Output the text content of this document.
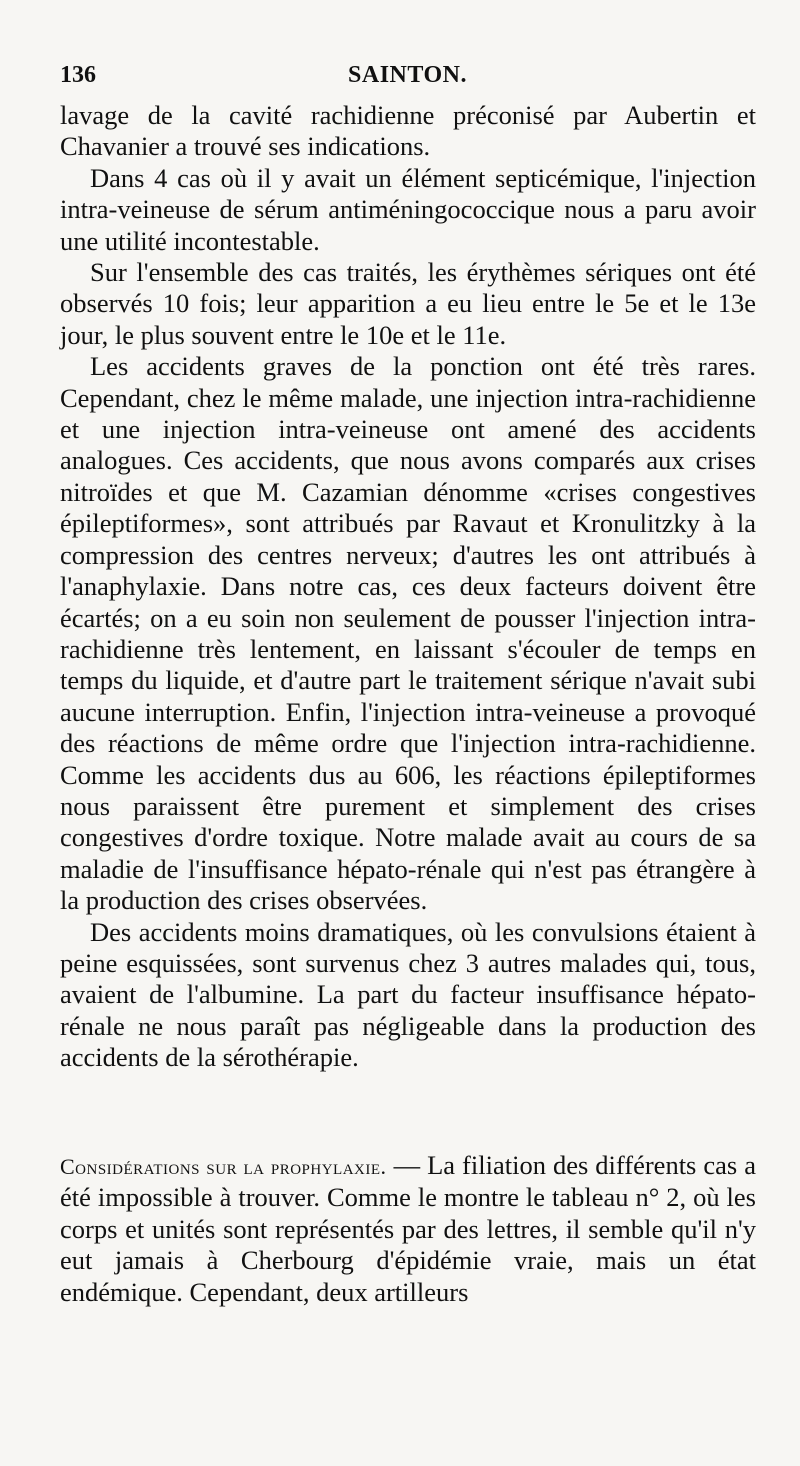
136	SAINTON.

lavage de la cavité rachidienne préconisé par Aubertin et Chavanier a trouvé ses indications.

Dans 4 cas où il y avait un élément septicémique, l'injection intra-veineuse de sérum antiméningococcique nous a paru avoir une utilité incontestable.

Sur l'ensemble des cas traités, les érythèmes sériques ont été observés 10 fois; leur apparition a eu lieu entre le 5e et le 13e jour, le plus souvent entre le 10e et le 11e.

Les accidents graves de la ponction ont été très rares. Cependant, chez le même malade, une injection intra-rachidienne et une injection intra-veineuse ont amené des accidents analogues. Ces accidents, que nous avons comparés aux crises nitroïdes et que M. Cazamian dénomme «crises congestives épileptiformes», sont attribués par Ravaut et Kronulitzky à la compression des centres nerveux; d'autres les ont attribués à l'anaphylaxie. Dans notre cas, ces deux facteurs doivent être écartés; on a eu soin non seulement de pousser l'injection intra-rachidienne très lentement, en laissant s'écouler de temps en temps du liquide, et d'autre part le traitement sérique n'avait subi aucune interruption. Enfin, l'injection intra-veineuse a provoqué des réactions de même ordre que l'injection intra-rachidienne. Comme les accidents dus au 606, les réactions épileptiformes nous paraissent être purement et simplement des crises congestives d'ordre toxique. Notre malade avait au cours de sa maladie de l'insuffisance hépato-rénale qui n'est pas étrangère à la production des crises observées.

Des accidents moins dramatiques, où les convulsions étaient à peine esquissées, sont survenus chez 3 autres malades qui, tous, avaient de l'albumine. La part du facteur insuffisance hépato-rénale ne nous paraît pas négligeable dans la production des accidents de la sérothérapie.

Considérations sur la prophylaxie. — La filiation des différents cas a été impossible à trouver. Comme le montre le tableau n° 2, où les corps et unités sont représentés par des lettres, il semble qu'il n'y eut jamais à Cherbourg d'épidémie vraie, mais un état endémique. Cependant, deux artilleurs
